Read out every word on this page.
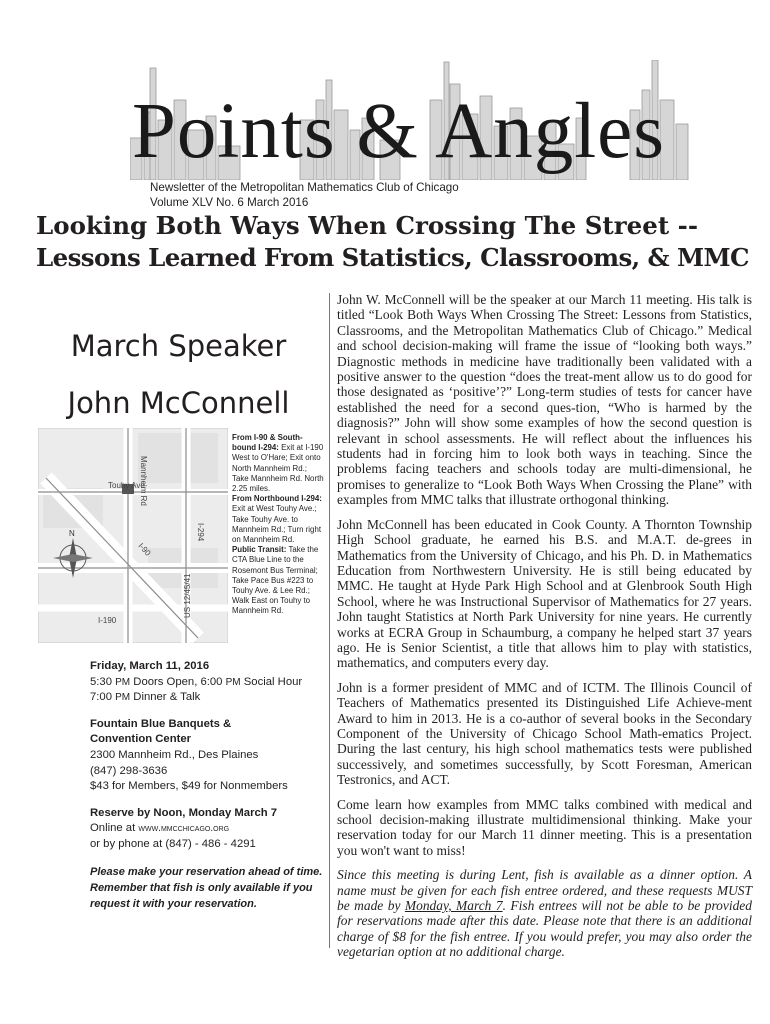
Points & Angles
Newsletter of the Metropolitan Mathematics Club of Chicago
Volume XLV No. 6 March 2016
Looking Both Ways When Crossing The Street --
Lessons Learned From Statistics, Classrooms, & MMC
March Speaker
John McConnell
Touhy Ave
Mannheim Rd
I-294
I-90
US 12/45/41
I-190
N
From I-90 & South-bound I-294: Exit at I-190 West to O'Hare; Exit onto North Mannheim Rd.; Take Mannheim Rd. North 2.25 miles.
From Northbound I-294: Exit at West Touhy Ave.; Take Touhy Ave. to Mannheim Rd.; Turn right on Mannheim Rd.
Public Transit: Take the CTA Blue Line to the Rosemont Bus Terminal; Take Pace Bus #223 to Touhy Ave. & Lee Rd.; Walk East on Touhy to Mannheim Rd.
Friday, March 11, 2016
5:30 PM Doors Open, 6:00 PM Social Hour
7:00 PM Dinner & Talk
Fountain Blue Banquets &
Convention Center
2300 Mannheim Rd., Des Plaines
(847) 298-3636
$43 for Members, $49 for Nonmembers
Reserve by Noon, Monday March 7
Online at www.mmcchicago.org
or by phone at (847) - 486 - 4291
Please make your reservation ahead of time. Remember that fish is only available if you request it with your reservation.

John W. McConnell will be the speaker at our March 11 meeting. His talk is titled “Look Both Ways When Crossing The Street: Lessons from Statistics, Classrooms, and the Metropolitan Mathematics Club of Chicago.” Medical and school decision-making will frame the issue of “looking both ways.” Diagnostic methods in medicine have traditionally been validated with a positive answer to the question “does the treat-ment allow us to do good for those designated as ‘positive’?” Long-term studies of tests for cancer have established the need for a second ques-tion, “Who is harmed by the diagnosis?” John will show some examples of how the second question is relevant in school assessments. He will reflect about the influences his students had in forcing him to look both ways in teaching. Since the problems facing teachers and schools today are multi-dimensional, he promises to generalize to “Look Both Ways When Crossing the Plane” with examples from MMC talks that illustrate orthogonal thinking.

John McConnell has been educated in Cook County. A Thornton Township High School graduate, he earned his B.S. and M.A.T. de-grees in Mathematics from the University of Chicago, and his Ph. D. in Mathematics Education from Northwestern University. He is still being educated by MMC. He taught at Hyde Park High School and at Glenbrook South High School, where he was Instructional Supervisor of Mathematics for 27 years. John taught Statistics at North Park University for nine years. He currently works at ECRA Group in Schaumburg, a company he helped start 37 years ago. He is Senior Scientist, a title that allows him to play with statistics, mathematics, and computers every day.

John is a former president of MMC and of ICTM. The Illinois Council of Teachers of Mathematics presented its Distinguished Life Achieve-ment Award to him in 2013. He is a co-author of several books in the Secondary Component of the University of Chicago School Math-ematics Project. During the last century, his high school mathematics tests were published successively, and sometimes successfully, by Scott Foresman, American Testronics, and ACT.

Come learn how examples from MMC talks combined with medical and school decision-making illustrate multidimensional thinking. Make your reservation today for our March 11 dinner meeting. This is a presentation you won't want to miss!

Since this meeting is during Lent, fish is available as a dinner option. A name must be given for each fish entree ordered, and these requests MUST be made by Monday, March 7. Fish entrees will not be able to be provided for reservations made after this date. Please note that there is an additional charge of $8 for the fish entree. If you would prefer, you may also order the vegetarian option at no additional charge.
